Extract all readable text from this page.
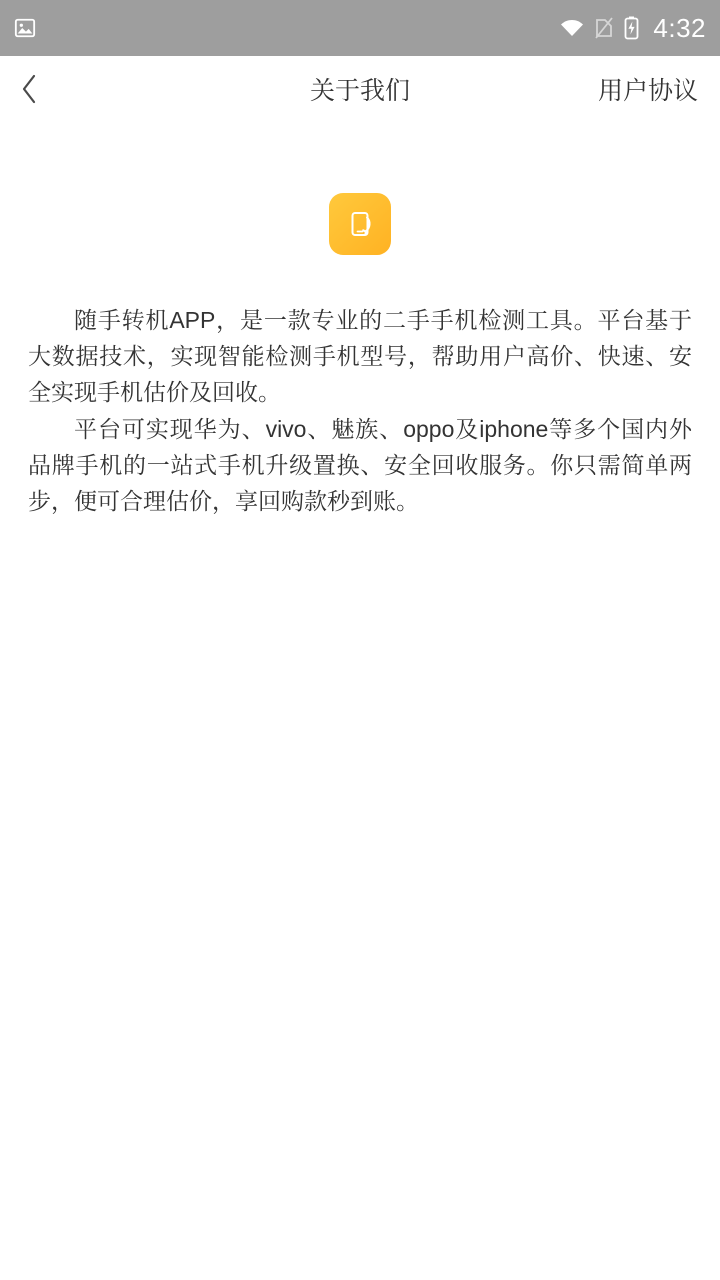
4:32
关于我们	用户协议

随手转机APP，是一款专业的二手手机检测工具。平台基于大数据技术，实现智能检测手机型号，帮助用户高价、快速、安全实现手机估价及回收。

平台可实现华为、vivo、魅族、oppo及iphone等多个国内外品牌手机的一站式手机升级置换、安全回收服务。你只需简单两步，便可合理估价，享回购款秒到账。
